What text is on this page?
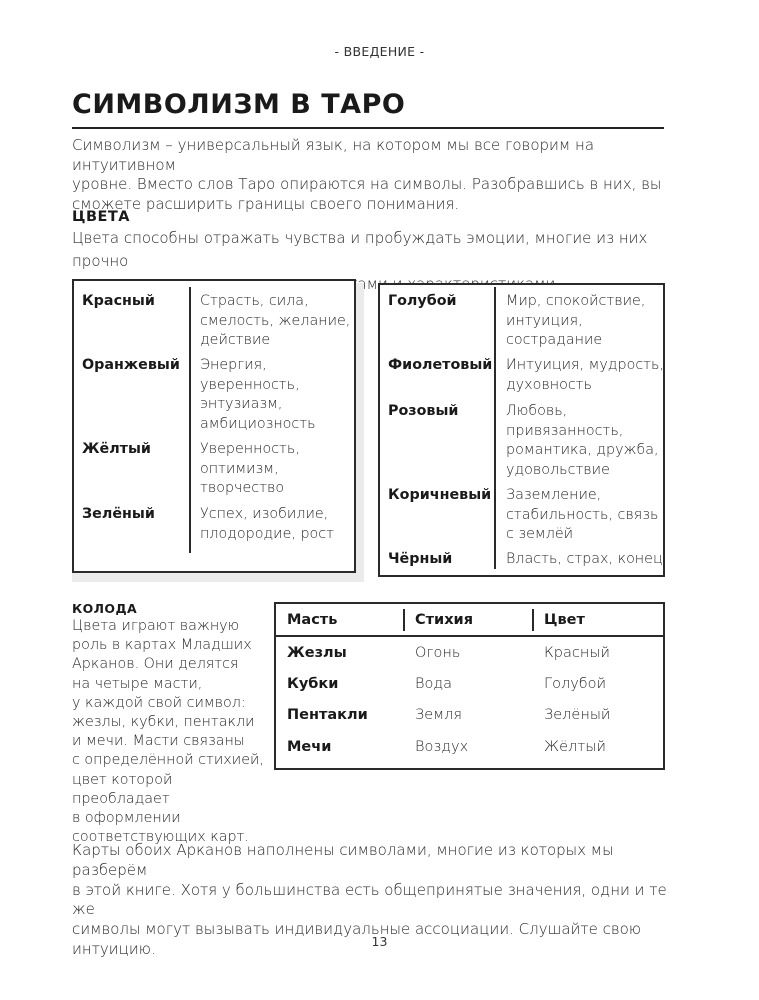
- ВВЕДЕНИЕ -
СИМВОЛИЗМ В ТАРО
Символизм – универсальный язык, на котором мы все говорим на интуитивном
уровне. Вместо слов Таро опираются на символы. Разобравшись в них, вы
сможете расширить границы своего понимания.
ЦВЕТА
Цвета способны отражать чувства и пробуждать эмоции, многие из них прочно
Красный	Страсть, сила,
смелость, желание,
действие
Оранжевый Энергия,
уверенность,
энтузиазм,
амбициозность
Жёлтый	Уверенность,
оптимизм,
творчество
Зелёный	Успех, изобилие,
плодородие, рост
Голубой	Мир, спокойствие,
интуиция,
сострадание
Фиолетовый Интуиция, мудрость,
духовность
Розовый	Любовь,
привязанность,
романтика, дружба,
удовольствие
Коричневый Заземление,
стабильность, связь
с землёй
Чёрный	Власть, страх, конец
КОЛОДА
Цвета играют важную
роль в картах Младших
Арканов. Они делятся
на четыре масти,
у каждой свой символ:
жезлы, кубки, пентакли
и мечи. Масти связаны
с определённой стихией,
цвет которой преобладает
в оформлении
соответствующих карт.
Масть	Стихия	Цвет
Жезлы	Огонь	Красный
Кубки	Вода	Голубой
Пентакли	Земля	Зелёный
Мечи	Воздух	Жёлтый
Карты обоих Арканов наполнены символами, многие из которых мы разберём
в этой книге. Хотя у большинства есть общепринятые значения, одни и те же
символы могут вызывать индивидуальные ассоциации. Слушайте свою интуицию.	13
